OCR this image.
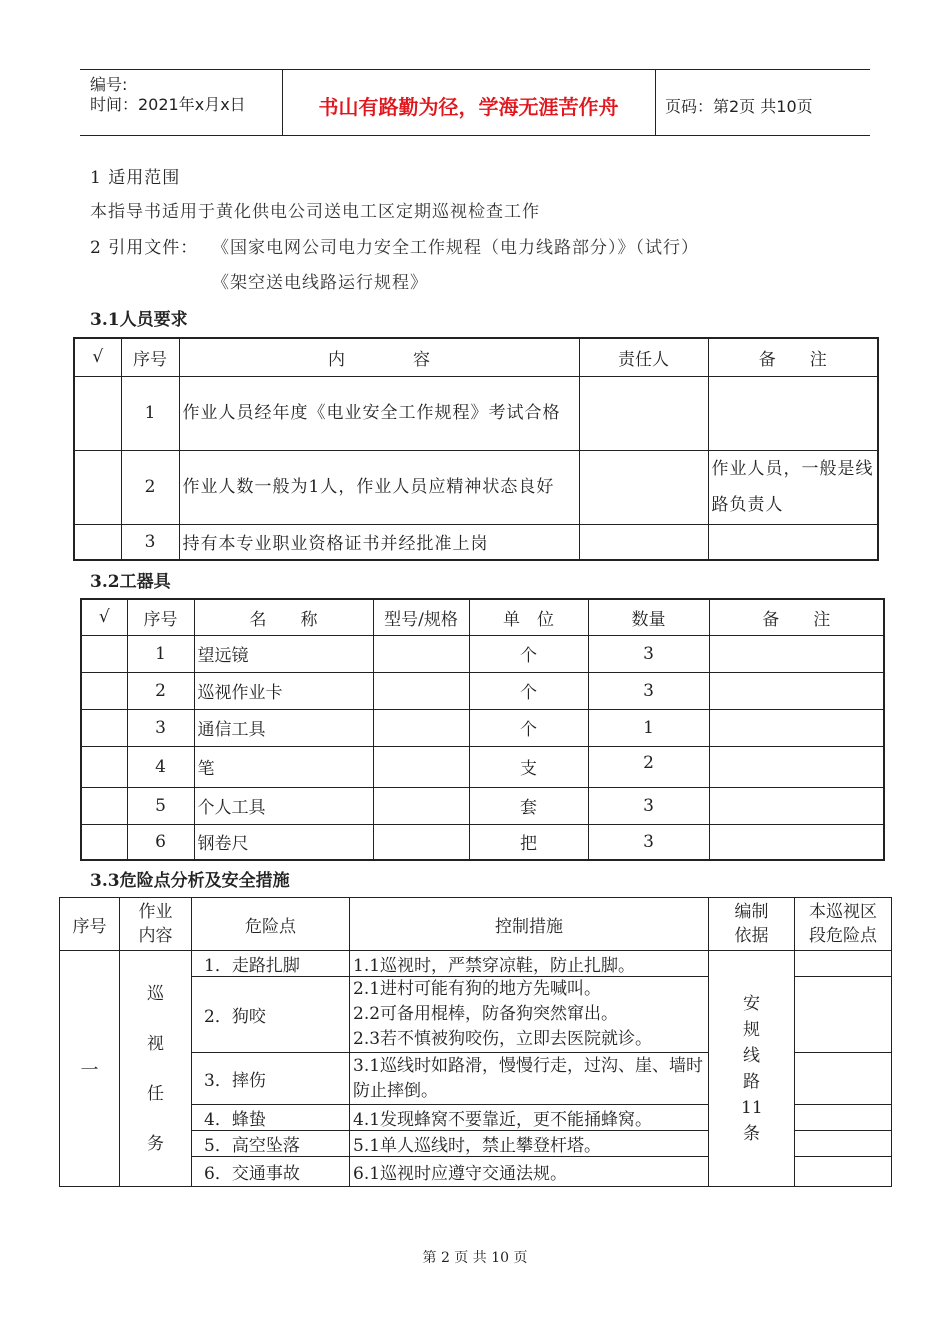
编号:
时间：2021年x月x日	书山有路勤为径，学海无涯苦作舟	页码：第2页 共10页
1 适用范围
本指导书适用于黄化供电公司送电工区定期巡视检查工作
2 引用文件： 《国家电网公司电力安全工作规程（电力线路部分）》（试行）
《架空送电线路运行规程》
3.1人员要求
√	序号	内　　　　容	责任人	备　　注
	1	作业人员经年度《电业安全工作规程》考试合格		
	2	作业人数一般为1人，作业人员应精神状态良好		作业人员，一般是线路负责人
	3	持有本专业职业资格证书并经批准上岗		
3.2工器具
√	序号	名　　称	型号/规格	单　位	数量	备　　注
	1	望远镜		个	3	
	2	巡视作业卡		个	3	
	3	通信工具		个	1	
	4	笔		支	2	
	5	个人工具		套	3	
	6	钢卷尺		把	3	
3.3危险点分析及安全措施
序号	作业内容	危险点	控制措施	编制依据	本巡视区段危险点
一	巡视任务	1．走路扎脚	1.1巡视时，严禁穿凉鞋，防止扎脚。	安规线路11条	
		2．狗咬	2.1进村可能有狗的地方先喊叫。
2.2可备用棍棒，防备狗突然窜出。
2.3若不慎被狗咬伤，立即去医院就诊。		

		3．摔伤	3.1巡线时如路滑，慢慢行走，过沟、崖、墙时防止摔倒。		

		4．蜂蛰	4.1发现蜂窝不要靠近，更不能捅蜂窝。		

		5．高空坠落	5.1单人巡线时，禁止攀登杆塔。		

		6．交通事故	6.1巡视时应遵守交通法规。		

第 2 页 共 10 页
